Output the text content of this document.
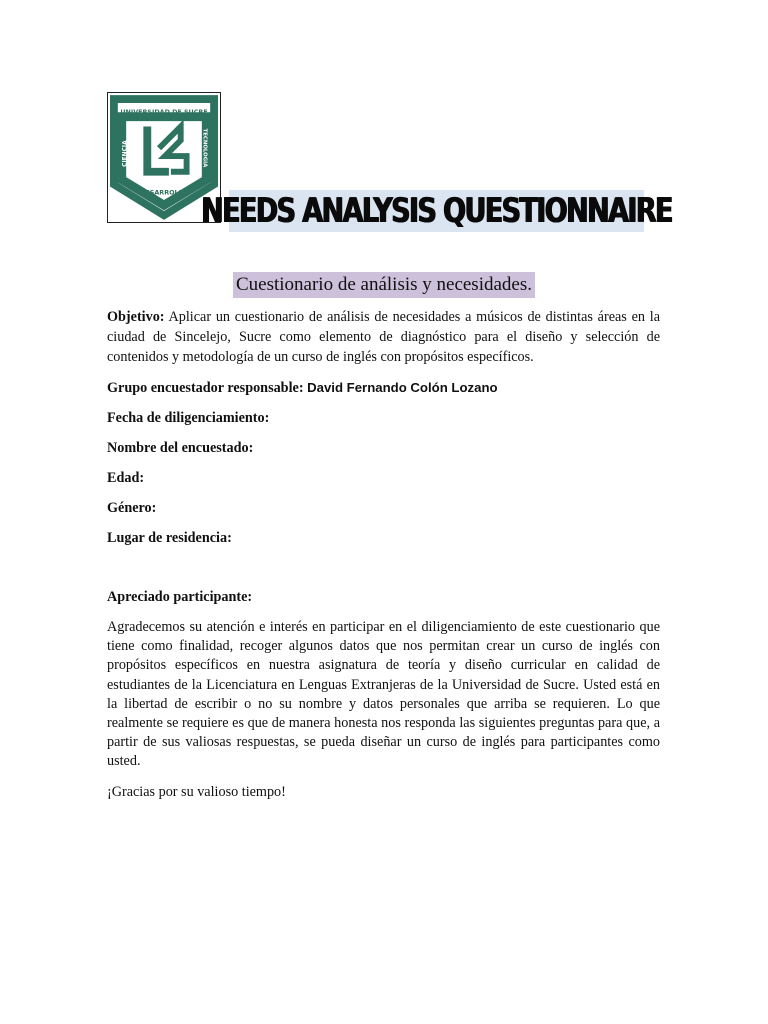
UNIVERSIDAD DE SUCRE
CIENCIA	TECNOLOGIA
DESARROLLO NEEDS ANALYSIS QUESTIONNAIRE
Cuestionario de análisis y necesidades.
Objetivo: Aplicar un cuestionario de análisis de necesidades a músicos de distintas áreas en la ciudad de Sincelejo, Sucre como elemento de diagnóstico para el diseño y selección de contenidos y metodología de un curso de inglés con propósitos específicos.
Grupo encuestador responsable: David Fernando Colón Lozano
Fecha de diligenciamiento:
Nombre del encuestado:
Edad:
Género:
Lugar de residencia:
Apreciado participante:
Agradecemos su atención e interés en participar en el diligenciamiento de este cuestionario que tiene como finalidad, recoger algunos datos que nos permitan crear un curso de inglés con propósitos específicos en nuestra asignatura de teoría y diseño curricular en calidad de estudiantes de la Licenciatura en Lenguas Extranjeras de la Universidad de Sucre. Usted está en la libertad de escribir o no su nombre y datos personales que arriba se requieren. Lo que realmente se requiere es que de manera honesta nos responda las siguientes preguntas para que, a partir de sus valiosas respuestas, se pueda diseñar un curso de inglés para participantes como usted.
¡Gracias por su valioso tiempo!
